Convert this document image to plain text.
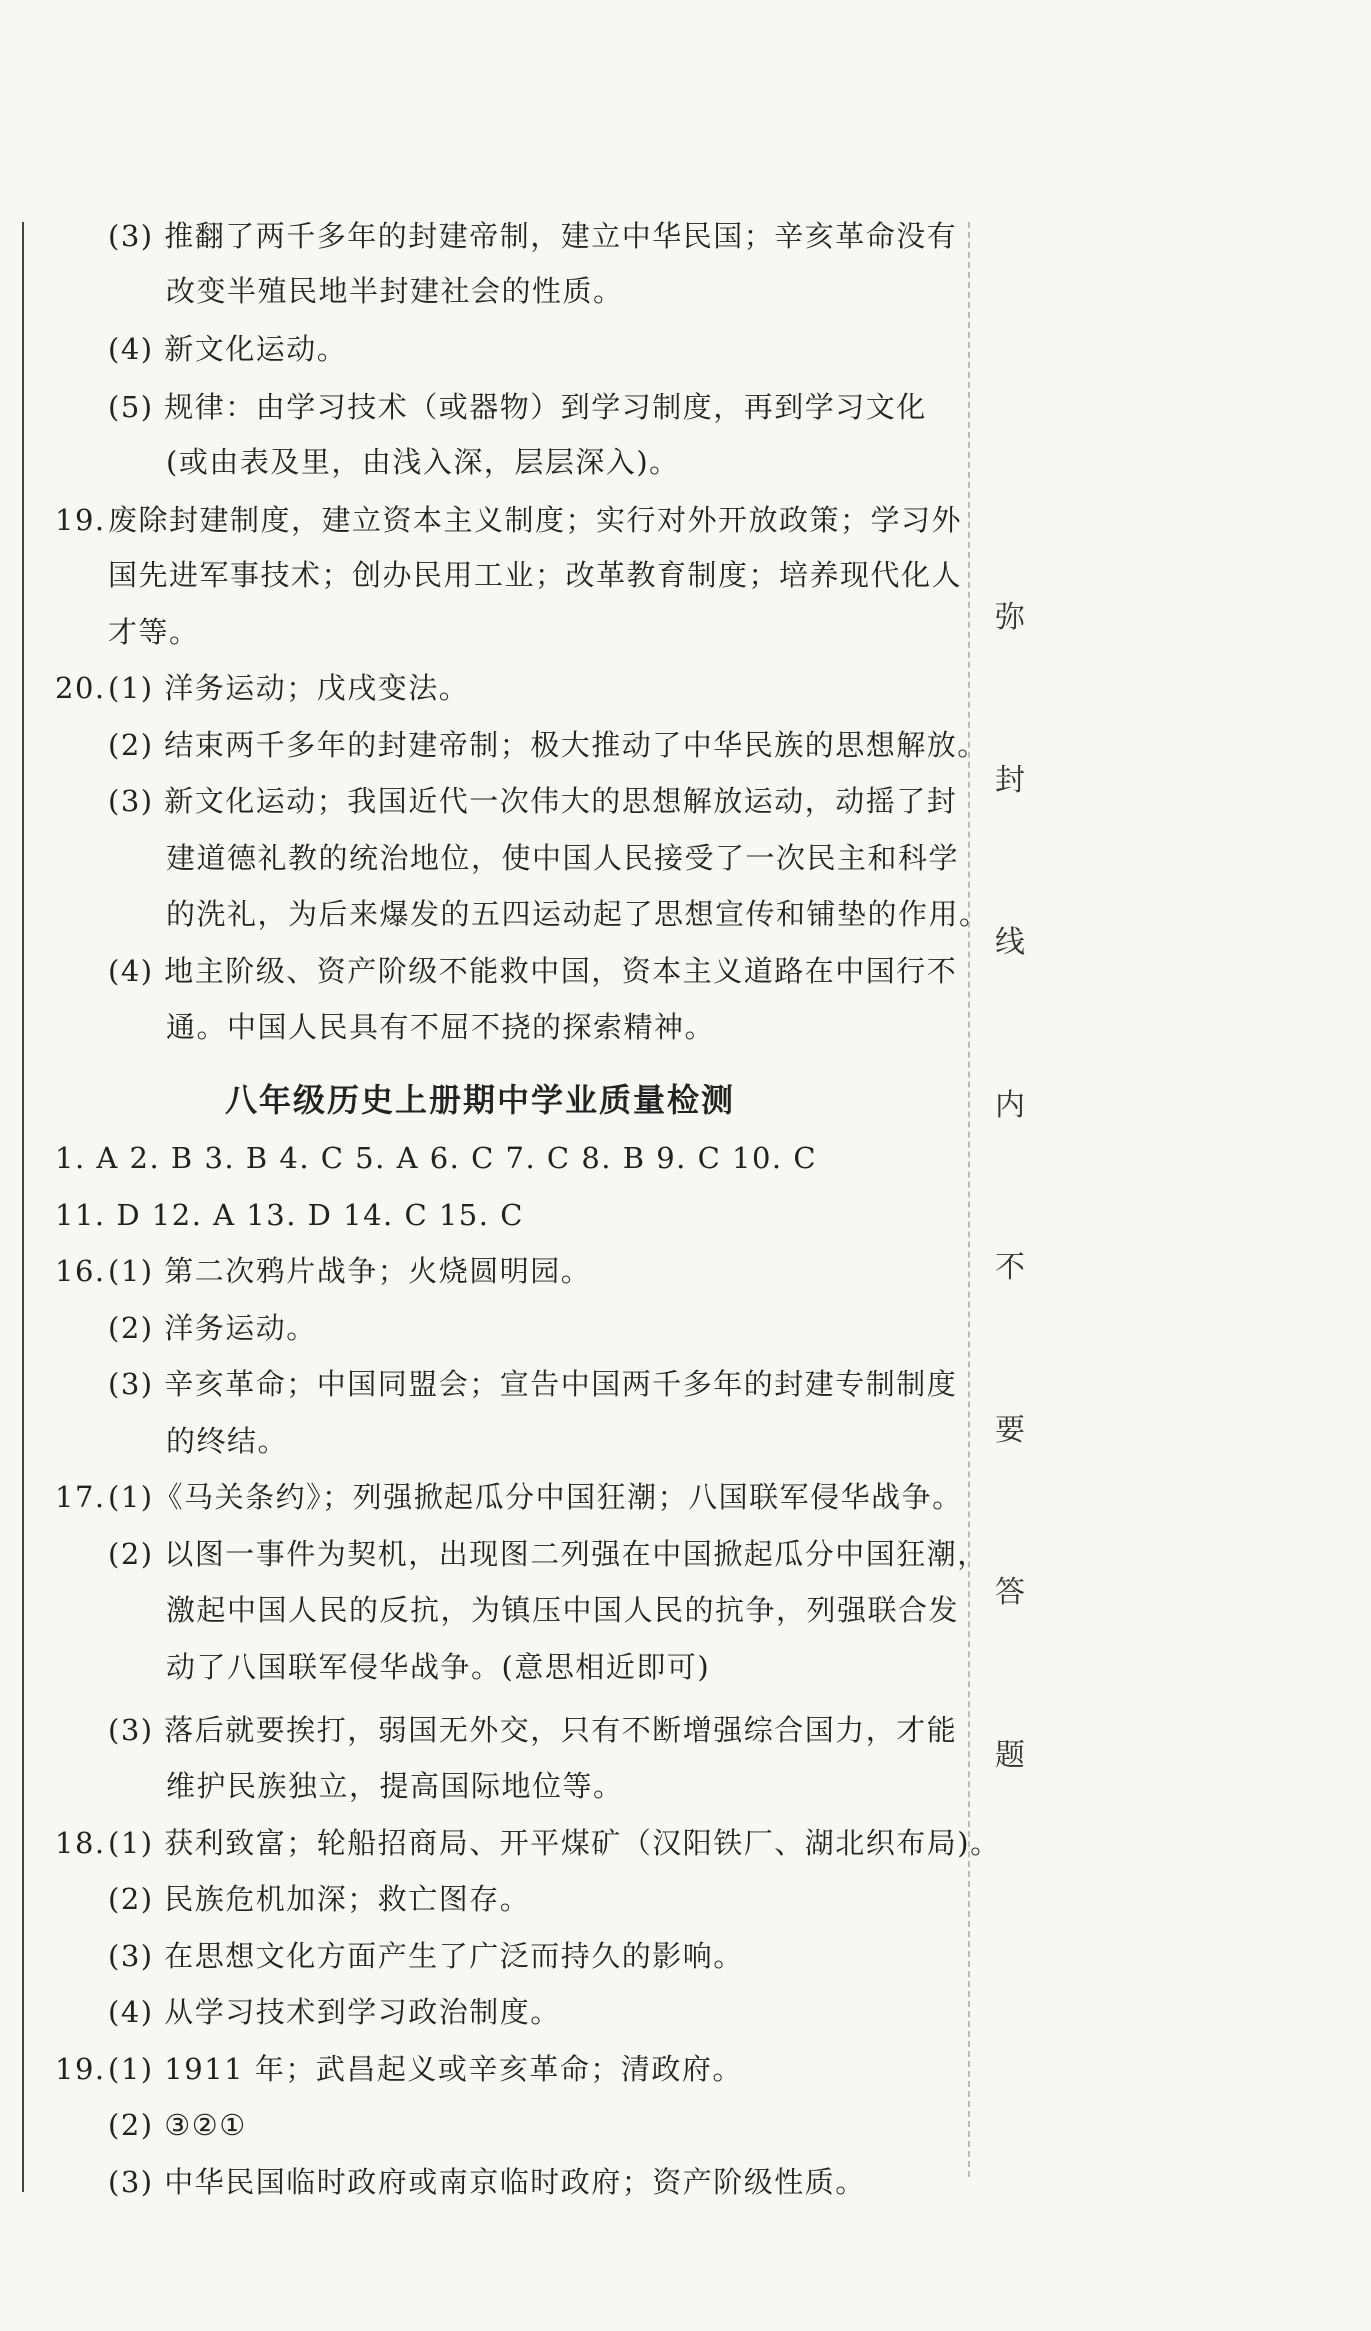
弥
封
线
内
不
要
答
题
(3) 推翻了两千多年的封建帝制，建立中华民国；辛亥革命没有
改变半殖民地半封建社会的性质。
(4) 新文化运动。
(5) 规律：由学习技术（或器物）到学习制度，再到学习文化
(或由表及里，由浅入深，层层深入)。
19. 废除封建制度，建立资本主义制度；实行对外开放政策；学习外
国先进军事技术；创办民用工业；改革教育制度；培养现代化人
才等。
20. (1) 洋务运动；戊戌变法。
(2) 结束两千多年的封建帝制；极大推动了中华民族的思想解放。
(3) 新文化运动；我国近代一次伟大的思想解放运动，动摇了封
建道德礼教的统治地位，使中国人民接受了一次民主和科学
的洗礼，为后来爆发的五四运动起了思想宣传和铺垫的作用。
(4) 地主阶级、资产阶级不能救中国，资本主义道路在中国行不
通。中国人民具有不屈不挠的探索精神。
八年级历史上册期中学业质量检测
1. A 2. B 3. B 4. C 5. A 6. C 7. C 8. B 9. C 10. C
11. D 12. A 13. D 14. C 15. C
16. (1) 第二次鸦片战争；火烧圆明园。
(2) 洋务运动。
(3) 辛亥革命；中国同盟会；宣告中国两千多年的封建专制制度
的终结。
17. (1)《马关条约》；列强掀起瓜分中国狂潮；八国联军侵华战争。
(2) 以图一事件为契机，出现图二列强在中国掀起瓜分中国狂潮，
激起中国人民的反抗，为镇压中国人民的抗争，列强联合发
动了八国联军侵华战争。(意思相近即可)
(3) 落后就要挨打，弱国无外交，只有不断增强综合国力，才能
维护民族独立，提高国际地位等。
18. (1) 获利致富；轮船招商局、开平煤矿（汉阳铁厂、湖北织布局)。
(2) 民族危机加深；救亡图存。
(3) 在思想文化方面产生了广泛而持久的影响。
(4) 从学习技术到学习政治制度。
19. (1) 1911 年；武昌起义或辛亥革命；清政府。
(2) ③②①
(3) 中华民国临时政府或南京临时政府；资产阶级性质。
